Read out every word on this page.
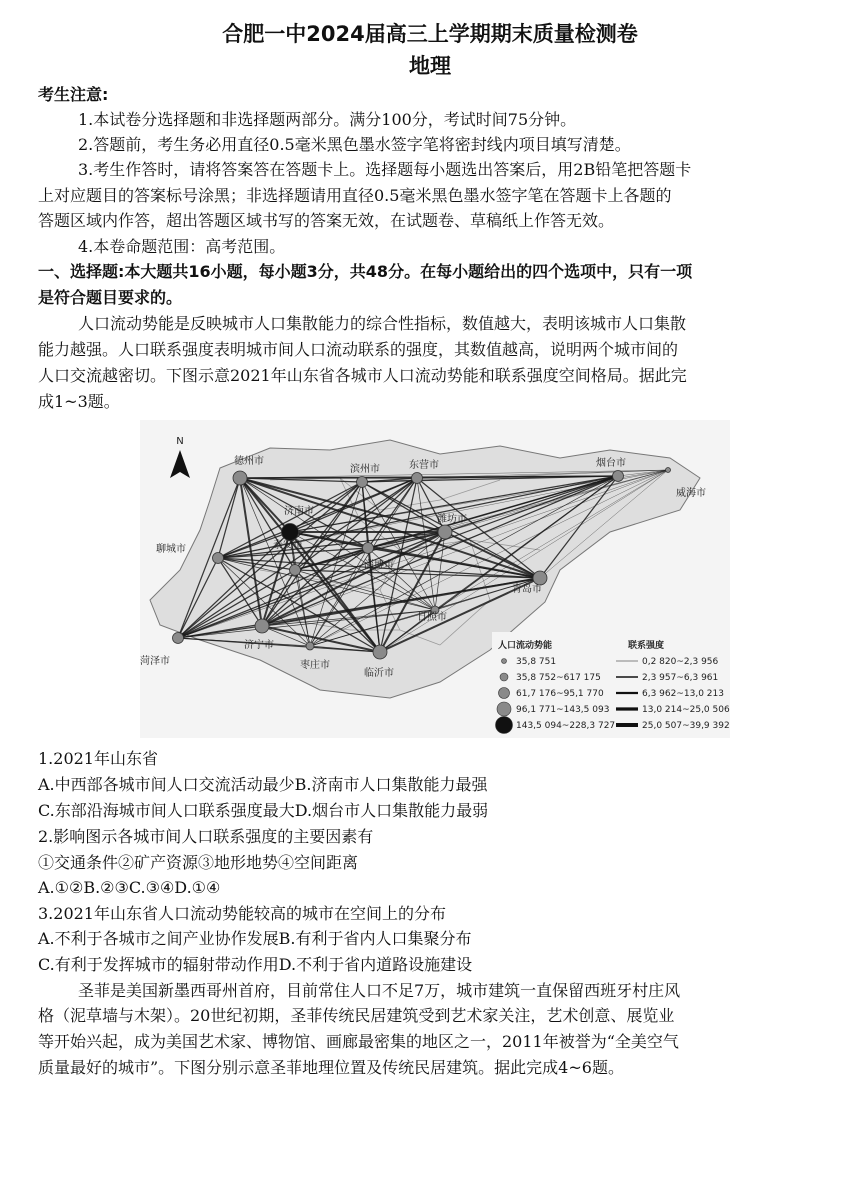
合肥一中2024届高三上学期期末质量检测卷
地理
考生注意:
1.本试卷分选择题和非选择题两部分。满分100分，考试时间75分钟。
2.答题前，考生务必用直径0.5毫米黑色墨水签字笔将密封线内项目填写清楚。
3.考生作答时，请将答案答在答题卡上。选择题每小题选出答案后，用2B铅笔把答题卡
上对应题目的答案标号涂黑；非选择题请用直径0.5毫米黑色墨水签字笔在答题卡上各题的
答题区域内作答，超出答题区域书写的答案无效，在试题卷、草稿纸上作答无效。
4.本卷命题范围：高考范围。
一、选择题:本大题共16小题，每小题3分，共48分。在每小题给出的四个选项中，只有一项
是符合题目要求的。
人口流动势能是反映城市人口集散能力的综合性指标，数值越大，表明该城市人口集散
能力越强。人口联系强度表明城市间人口流动联系的强度，其数值越高，说明两个城市间的
人口交流越密切。下图示意2021年山东省各城市人口流动势能和联系强度空间格局。据此完
成1~3题。
N
德州市
滨州市	东营市	烟台市
威海市
济南市
潍坊市
聊城市
青岛市
淄博市
泰安市
日照市
济宁市
菏泽市	枣庄市
临沂市
人口流动势能	联系强度
35,8 751
35,8 752~617 175
61,7 176~95,1 770
96,1 771~143,5 093
143,5 094~228,3 727
0,2 820~2,3 956
2,3 957~6,3 961
6,3 962~13,0 213
13,0 214~25,0 506
25,0 507~39,9 392
1.2021年山东省
A.中西部各城市间人口交流活动最少B.济南市人口集散能力最强
C.东部沿海城市间人口联系强度最大D.烟台市人口集散能力最弱
2.影响图示各城市间人口联系强度的主要因素有
①交通条件②矿产资源③地形地势④空间距离
A.①②B.②③C.③④D.①④
3.2021年山东省人口流动势能较高的城市在空间上的分布
A.不利于各城市之间产业协作发展B.有利于省内人口集聚分布
C.有利于发挥城市的辐射带动作用D.不利于省内道路设施建设
圣菲是美国新墨西哥州首府，目前常住人口不足7万，城市建筑一直保留西班牙村庄风
格（泥草墙与木架）。20世纪初期，圣菲传统民居建筑受到艺术家关注，艺术创意、展览业
等开始兴起，成为美国艺术家、博物馆、画廊最密集的地区之一，2011年被誉为“全美空气
质量最好的城市”。下图分别示意圣菲地理位置及传统民居建筑。据此完成4~6题。
